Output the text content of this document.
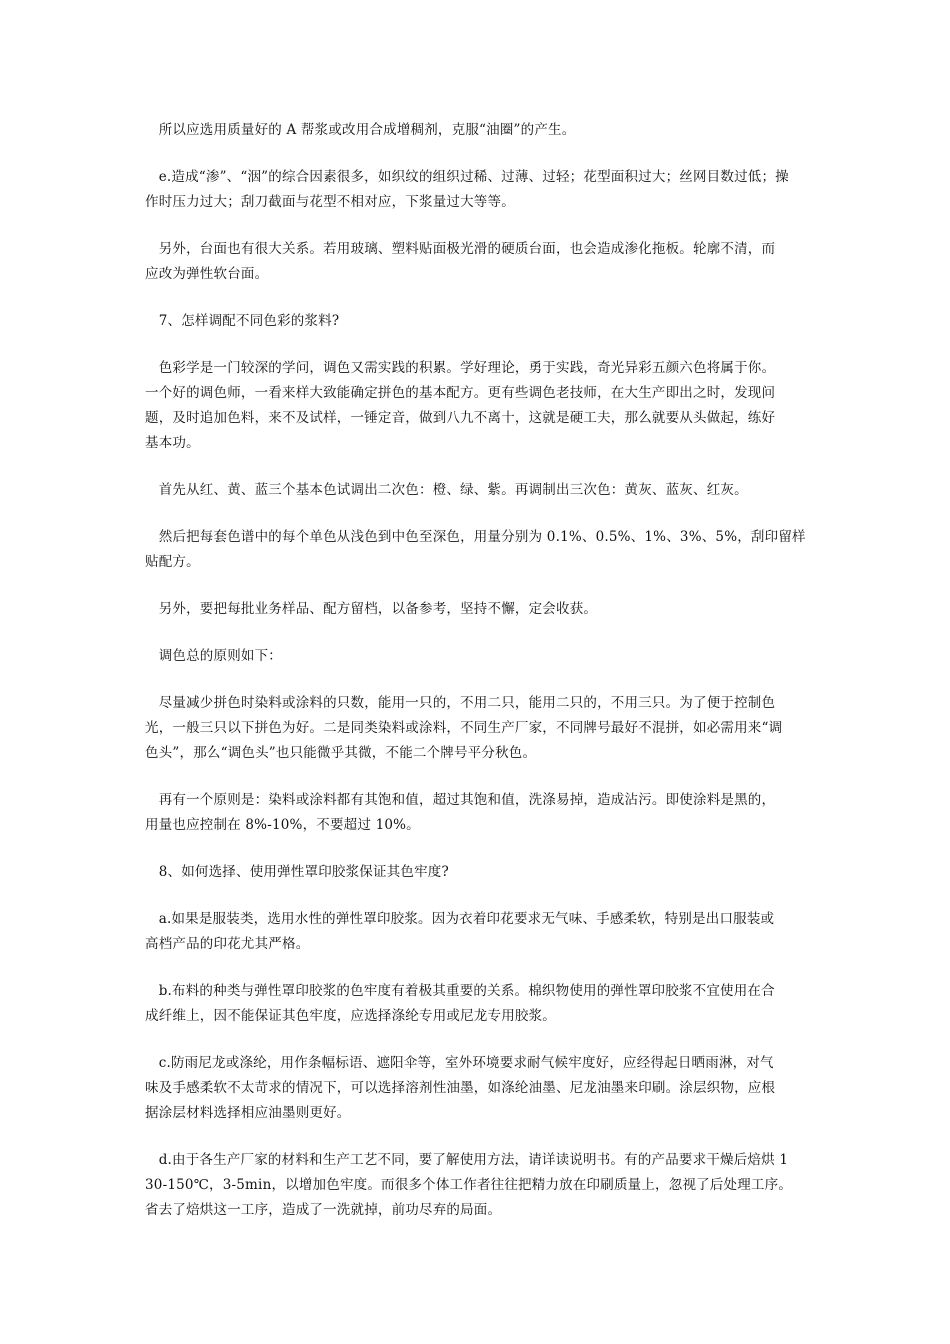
　所以应选用质量好的 A 帮浆或改用合成增稠剂，克服“油圈”的产生。

　e.造成“渗”、“洇”的综合因素很多，如织纹的组织过稀、过薄、过轻；花型面积过大；丝网目数过低；操
作时压力过大；刮刀截面与花型不相对应，下浆量过大等等。

　另外，台面也有很大关系。若用玻璃、塑料贴面极光滑的硬质台面，也会造成渗化拖板。轮廓不清，而
应改为弹性软台面。

　7、怎样调配不同色彩的浆料?

　色彩学是一门较深的学问，调色又需实践的积累。学好理论，勇于实践，奇光异彩五颜六色将属于你。
一个好的调色师，一看来样大致能确定拼色的基本配方。更有些调色老技师，在大生产即出之时，发现问
题，及时追加色料，来不及试样，一锤定音，做到八九不离十，这就是硬工夫，那么就要从头做起，练好
基本功。

　首先从红、黄、蓝三个基本色试调出二次色：橙、绿、紫。再调制出三次色：黄灰、蓝灰、红灰。

　然后把每套色谱中的每个单色从浅色到中色至深色，用量分别为 0.1%、0.5%、1%、3%、5%，刮印留样
贴配方。

　另外，要把每批业务样品、配方留档，以备参考，坚持不懈，定会收获。

　调色总的原则如下：

　尽量减少拼色时染料或涂料的只数，能用一只的，不用二只，能用二只的，不用三只。为了便于控制色
光，一般三只以下拼色为好。二是同类染料或涂料，不同生产厂家，不同牌号最好不混拼，如必需用来“调
色头”，那么“调色头”也只能微乎其微，不能二个牌号平分秋色。

　再有一个原则是：染料或涂料都有其饱和值，超过其饱和值，洗涤易掉，造成沾污。即使涂料是黑的，
用量也应控制在 8%-10%，不要超过 10%。

　8、如何选择、使用弹性罩印胶浆保证其色牢度?

　a.如果是服装类，选用水性的弹性罩印胶浆。因为衣着印花要求无气味、手感柔软，特别是出口服装或
高档产品的印花尤其严格。

　b.布料的种类与弹性罩印胶浆的色牢度有着极其重要的关系。棉织物使用的弹性罩印胶浆不宜使用在合
成纤维上，因不能保证其色牢度，应选择涤纶专用或尼龙专用胶浆。

　c.防雨尼龙或涤纶，用作条幅标语、遮阳伞等，室外环境要求耐气候牢度好，应经得起日晒雨淋，对气
味及手感柔软不太苛求的情况下，可以选择溶剂性油墨，如涤纶油墨、尼龙油墨来印刷。涂层织物，应根
据涂层材料选择相应油墨则更好。

　d.由于各生产厂家的材料和生产工艺不同，要了解使用方法，请详读说明书。有的产品要求干燥后焙烘 1
30-150℃，3-5min，以增加色牢度。而很多个体工作者往往把精力放在印刷质量上，忽视了后处理工序。
省去了焙烘这一工序，造成了一洗就掉，前功尽弃的局面。
